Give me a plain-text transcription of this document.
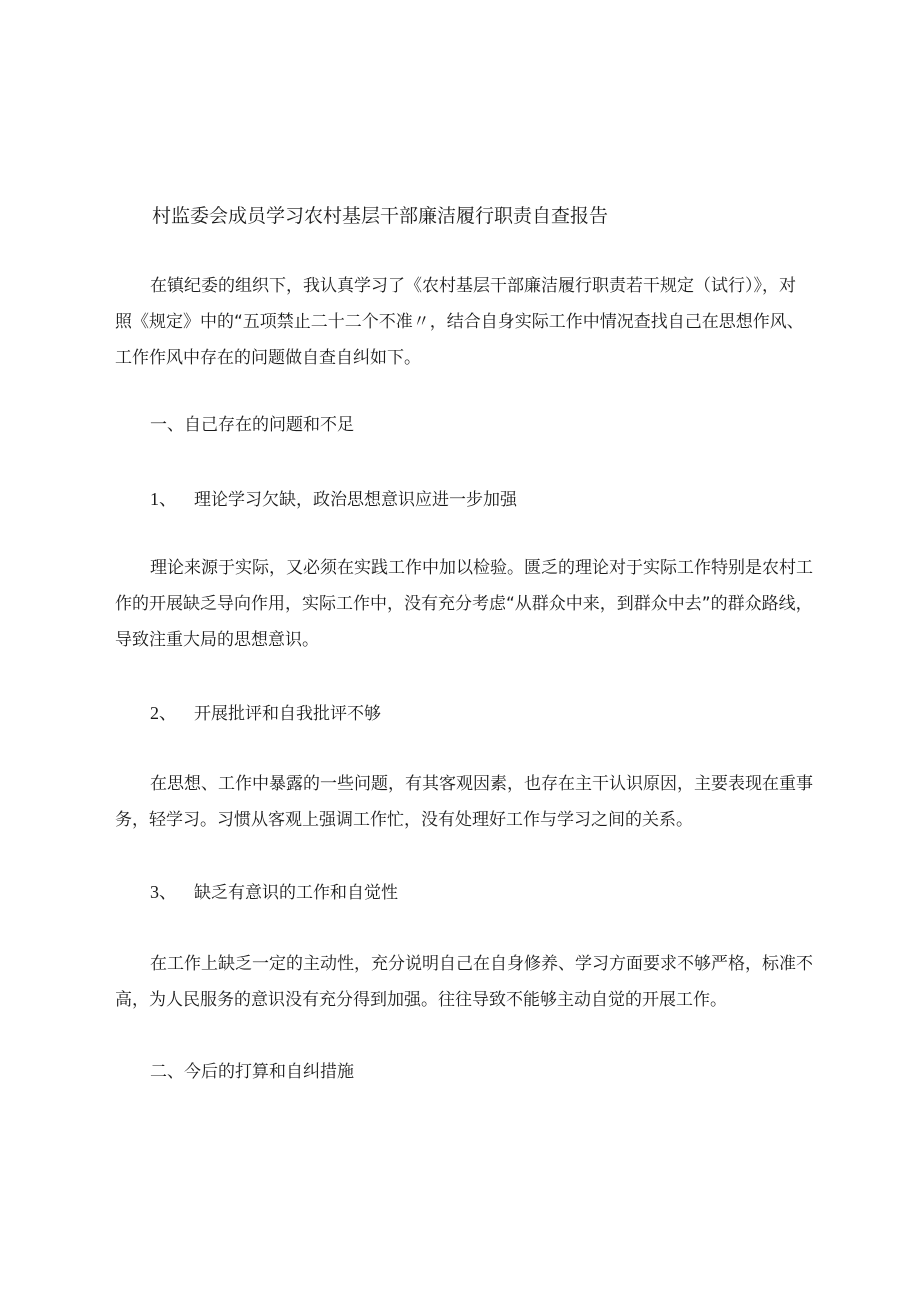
村监委会成员学习农村基层干部廉洁履行职责自查报告
在镇纪委的组织下，我认真学习了《农村基层干部廉洁履行职责若干规定（试行）》，对
照《规定》中的“五项禁止二十二个不准〃，结合自身实际工作中情况查找自己在思想作风、
工作作风中存在的问题做自查自纠如下。
一、自己存在的问题和不足
1、 理论学习欠缺，政治思想意识应进一步加强
理论来源于实际，又必须在实践工作中加以检验。匮乏的理论对于实际工作特别是农村工
作的开展缺乏导向作用，实际工作中，没有充分考虑“从群众中来，到群众中去”的群众路线，
导致注重大局的思想意识。
2、 开展批评和自我批评不够
在思想、工作中暴露的一些问题，有其客观因素，也存在主干认识原因，主要表现在重事
务，轻学习。习惯从客观上强调工作忙，没有处理好工作与学习之间的关系。
3、 缺乏有意识的工作和自觉性
在工作上缺乏一定的主动性，充分说明自己在自身修养、学习方面要求不够严格，标准不
高，为人民服务的意识没有充分得到加强。往往导致不能够主动自觉的开展工作。
二、今后的打算和自纠措施
